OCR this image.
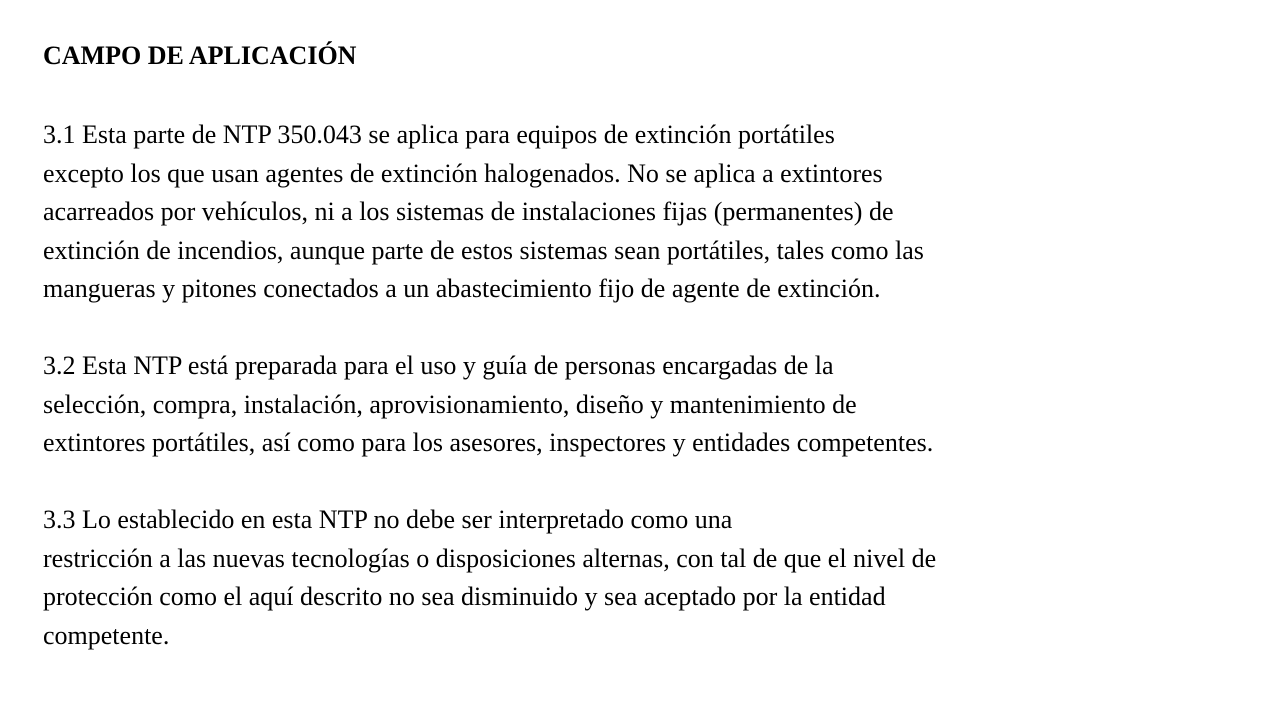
CAMPO DE APLICACIÓN
3.1 Esta parte de NTP 350.043 se aplica para equipos de extinción portátiles
excepto los que usan agentes de extinción halogenados. No se aplica a extintores
acarreados por vehículos, ni a los sistemas de instalaciones fijas (permanentes) de
extinción de incendios, aunque parte de estos sistemas sean portátiles, tales como las
mangueras y pitones conectados a un abastecimiento fijo de agente de extinción.
3.2 Esta NTP está preparada para el uso y guía de personas encargadas de la
selección, compra, instalación, aprovisionamiento, diseño y mantenimiento de
extintores portátiles, así como para los asesores, inspectores y entidades competentes.
3.3 Lo establecido en esta NTP no debe ser interpretado como una
restricción a las nuevas tecnologías o disposiciones alternas, con tal de que el nivel de
protección como el aquí descrito no sea disminuido y sea aceptado por la entidad
competente.
